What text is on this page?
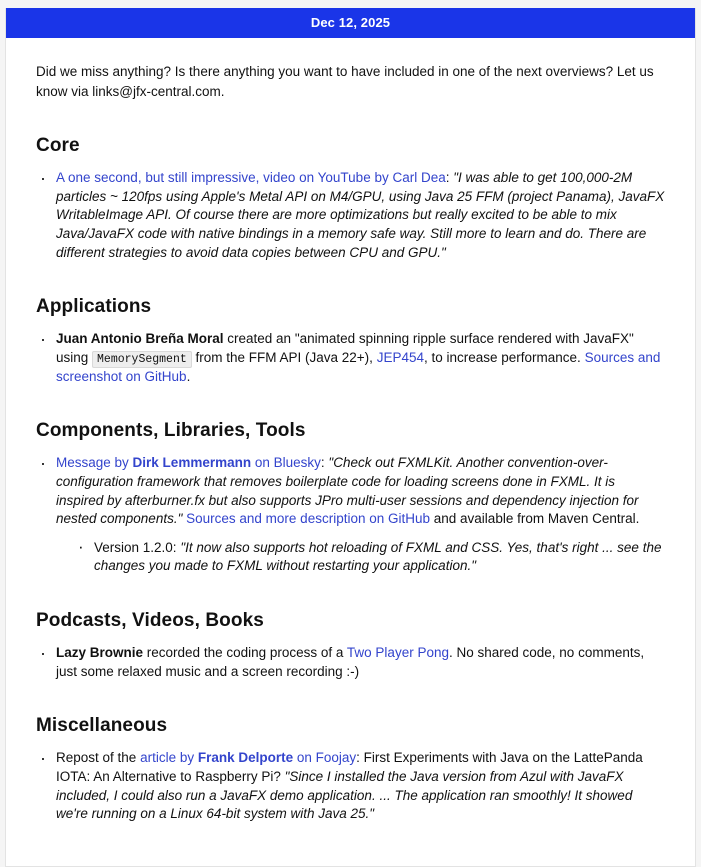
Dec 12, 2025

Did we miss anything? Is there anything you want to have included in one of the next overviews? Let us know via links@jfx-central.com.

Core
· A one second, but still impressive, video on YouTube by Carl Dea: "I was able to get 100,000-2M particles ~ 120fps using Apple's Metal API on M4/GPU, using Java 25 FFM (project Panama), JavaFX WritableImage API. Of course there are more optimizations but really excited to be able to mix Java/JavaFX code with native bindings in a memory safe way. Still more to learn and do. There are different strategies to avoid data copies between CPU and GPU."
Applications
· Juan Antonio Breña Moral created an "animated spinning ripple surface rendered with JavaFX" using MemorySegment from the FFM API (Java 22+), JEP454, to increase performance. Sources and screenshot on GitHub.
Components, Libraries, Tools
· Message by Dirk Lemmermann on Bluesky: "Check out FXMLKit. Another convention-over-configuration framework that removes boilerplate code for loading screens done in FXML. It is inspired by afterburner.fx but also supports JPro multi-user sessions and dependency injection for nested components." Sources and more description on GitHub and available from Maven Central.
· Version 1.2.0: "It now also supports hot reloading of FXML and CSS. Yes, that's right ... see the changes you made to FXML without restarting your application."
Podcasts, Videos, Books
· Lazy Brownie recorded the coding process of a Two Player Pong. No shared code, no comments, just some relaxed music and a screen recording :-)
Miscellaneous
· Repost of the article by Frank Delporte on Foojay: First Experiments with Java on the LattePanda IOTA: An Alternative to Raspberry Pi? "Since I installed the Java version from Azul with JavaFX included, I could also run a JavaFX demo application. ... The application ran smoothly! It showed we're running on a Linux 64-bit system with Java 25."
